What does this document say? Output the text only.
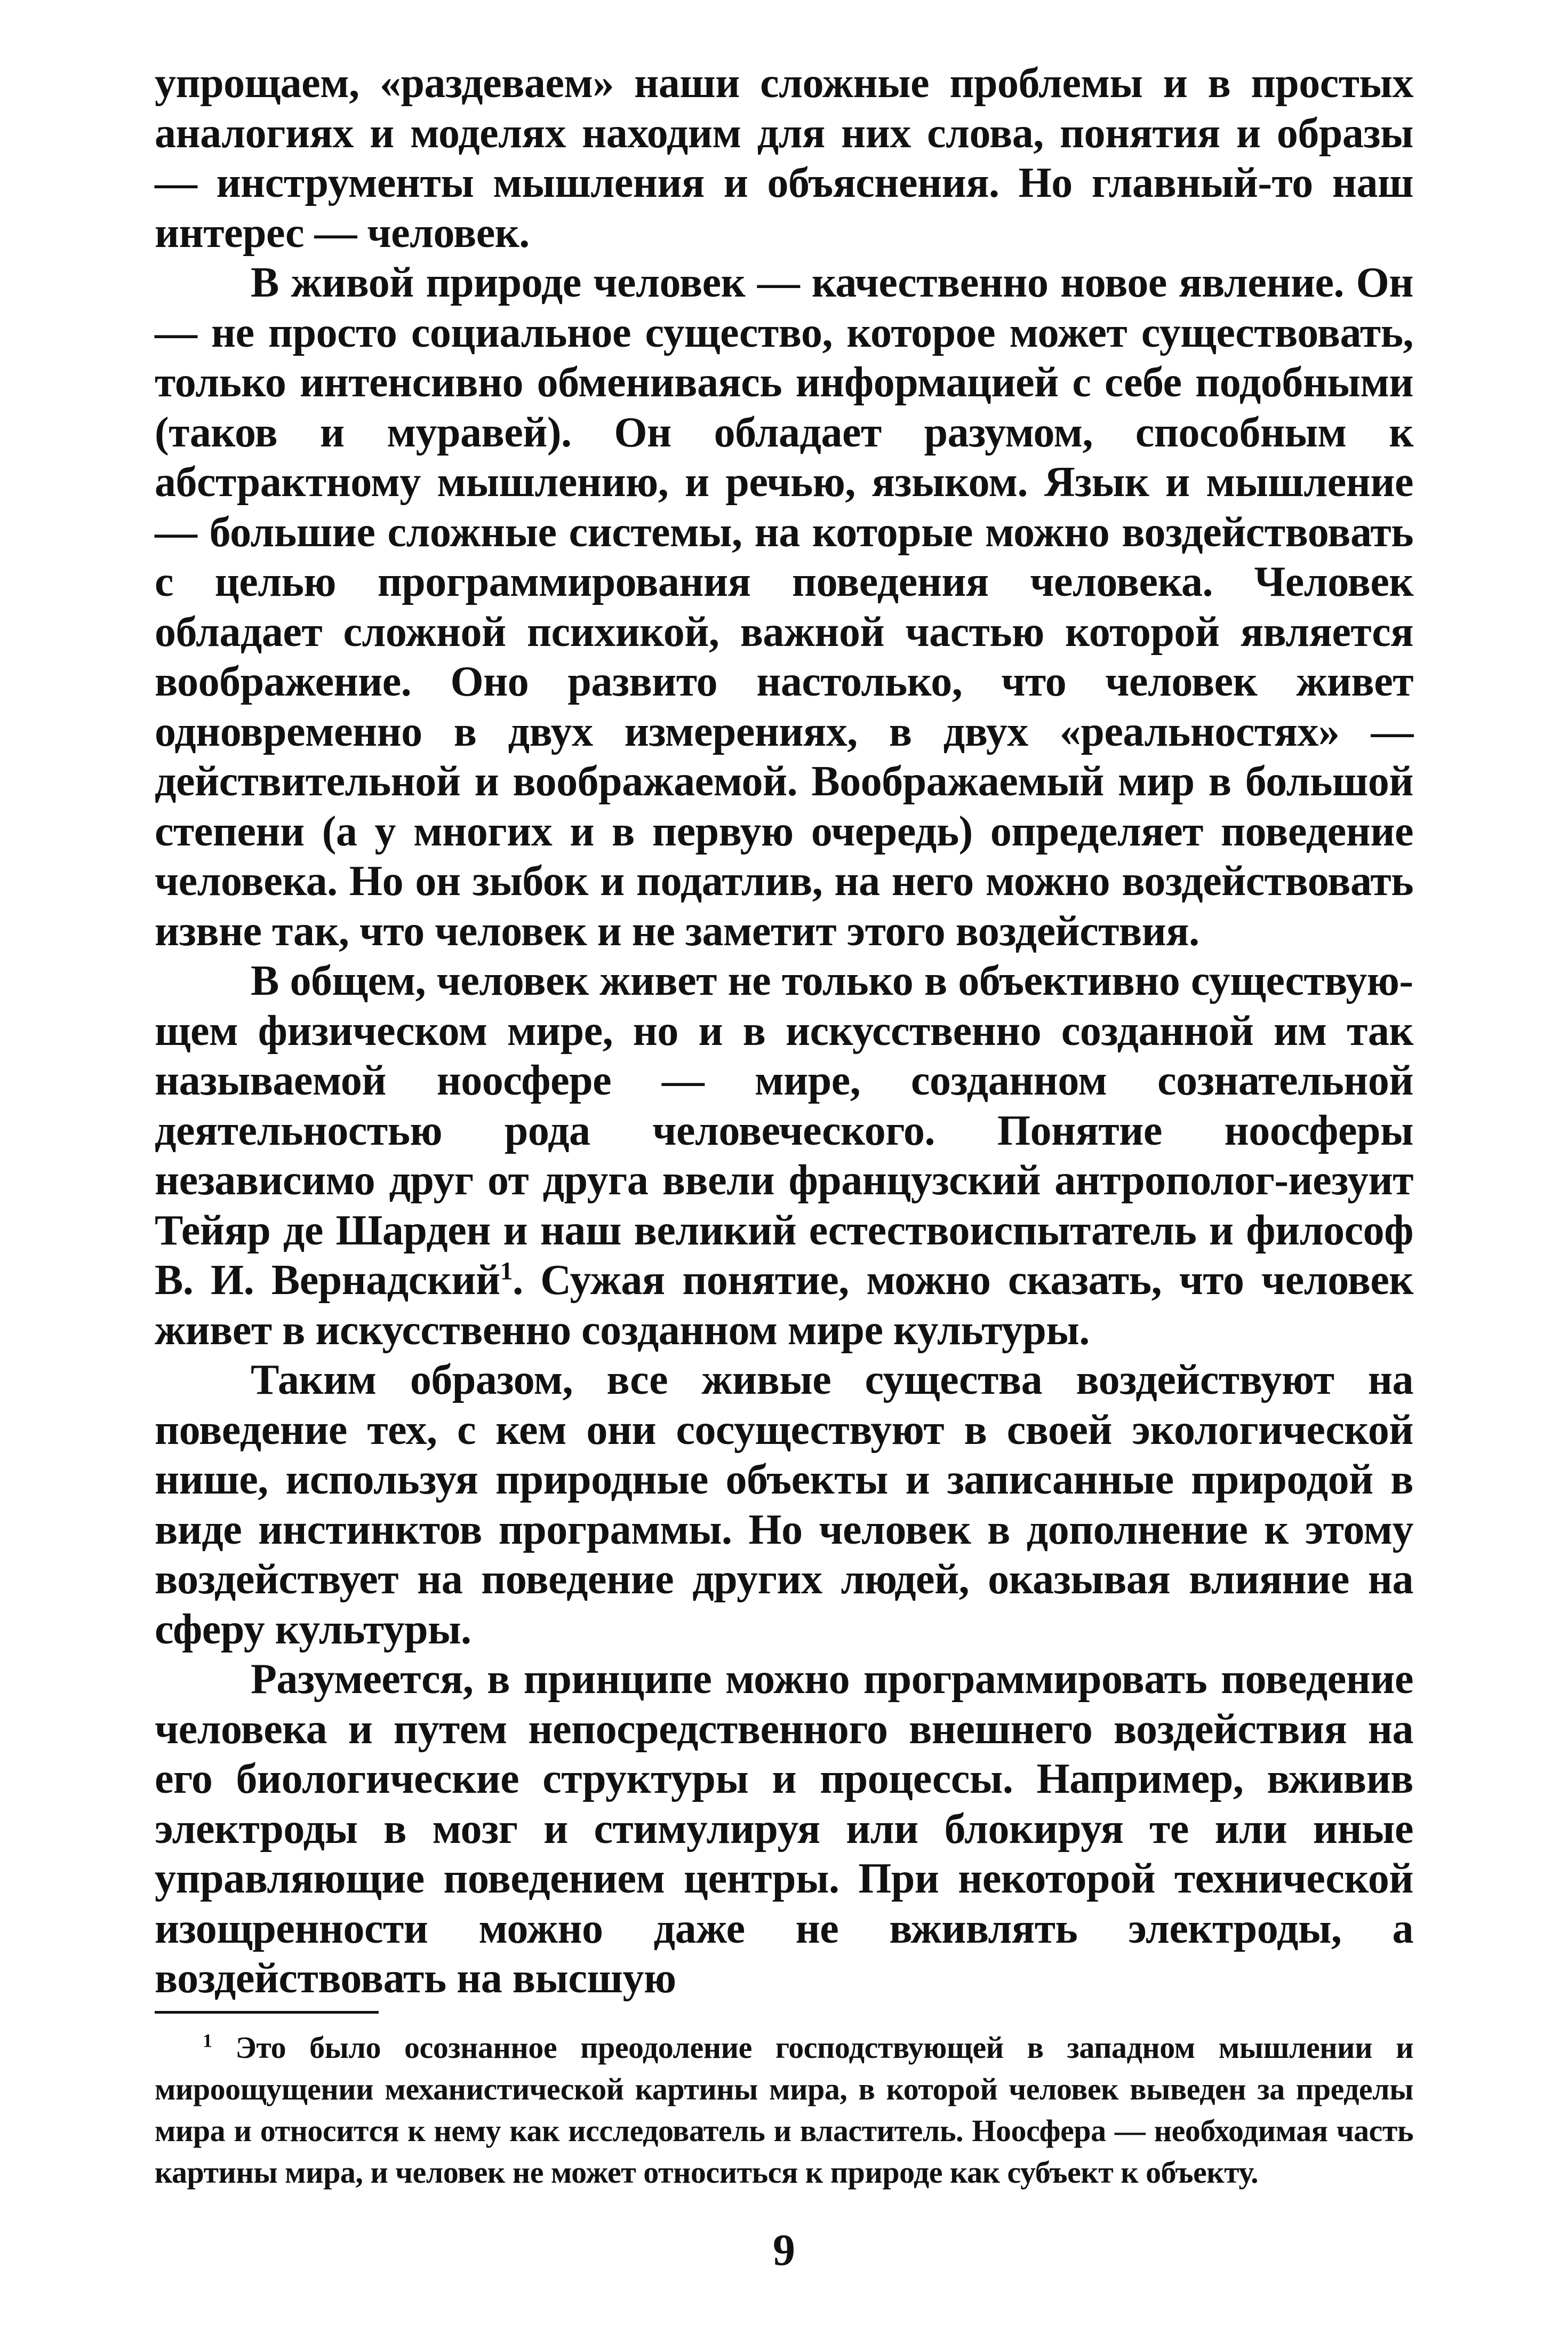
упрощаем, «раздеваем» наши сложные проблемы и в простых аналогиях и моделях находим для них слова, понятия и образы — инструменты мышления и объяснения. Но главный-то наш интерес — человек.

В живой природе человек — качественно новое явление. Он — не просто социальное существо, которое может существовать, только интенсивно обмениваясь информацией с себе подобными (таков и муравей). Он обладает разумом, способным к абстрактному мышлению, и речью, языком. Язык и мышление — большие сложные системы, на которые можно воздействовать с целью программирования поведения человека. Человек обладает сложной психикой, важной частью которой является воображение. Оно развито настолько, что человек живет одновременно в двух измерениях, в двух «реальностях» — действительной и воображаемой. Воображаемый мир в большой степени (а у многих и в первую очередь) определяет поведение человека. Но он зыбок и податлив, на него можно воздействовать извне так, что человек и не заметит этого воздействия.

В общем, человек живет не только в объективно существующем физическом мире, но и в искусственно созданной им так называемой ноосфере — мире, созданном сознательной деятельностью рода человеческого. Понятие ноосферы независимо друг от друга ввели французский антрополог-иезуит Тейяр де Шарден и наш великий естествоиспытатель и философ В. И. Вернадский$^1$. Сужая понятие, можно сказать, что человек живет в искусственно созданном мире культуры.

Таким образом, все живые существа воздействуют на поведение тех, с кем они сосуществуют в своей экологической нише, используя природные объекты и записанные природой в виде инстинктов программы. Но человек в дополнение к этому воздействует на поведение других людей, оказывая влияние на сферу культуры.

Разумеется, в принципе можно программировать поведение человека и путем непосредственного внешнего воздействия на его биологические структуры и процессы. Например, вживив электроды в мозг и стимулируя или блокируя те или иные управляющие поведением центры. При некоторой технической изощренности можно даже не вживлять электроды, а воздействовать на высшую

$^1$ Это было осознанное преодоление господствующей в западном мышлении и мироощущении механистической картины мира, в которой человек выведен за пределы мира и относится к нему как исследователь и властитель. Ноосфера — необходимая часть картины мира, и человек не может относиться к природе как субъект к объекту.

9
